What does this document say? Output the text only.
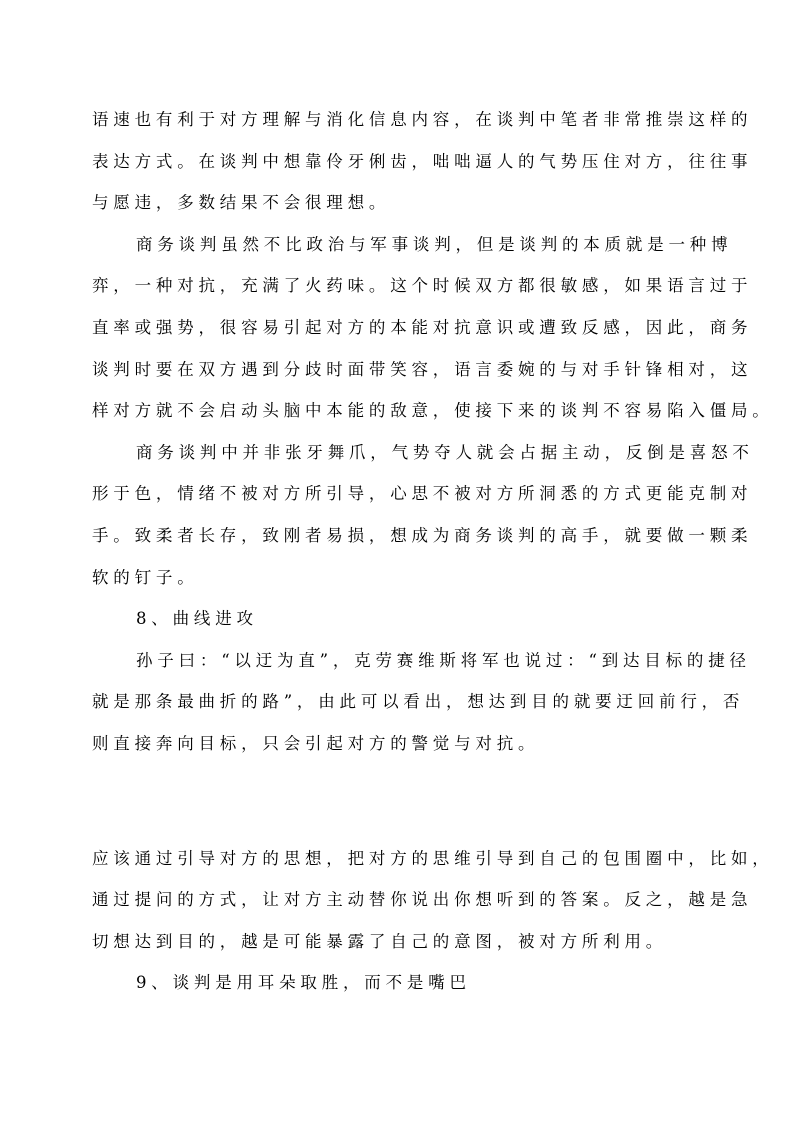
语速也有利于对方理解与消化信息内容，在谈判中笔者非常推崇这样的
表达方式。在谈判中想靠伶牙俐齿，咄咄逼人的气势压住对方，往往事
与愿违，多数结果不会很理想。
商务谈判虽然不比政治与军事谈判，但是谈判的本质就是一种博
弈，一种对抗，充满了火药味。这个时候双方都很敏感，如果语言过于
直率或强势，很容易引起对方的本能对抗意识或遭致反感，因此，商务
谈判时要在双方遇到分歧时面带笑容，语言委婉的与对手针锋相对，这
样对方就不会启动头脑中本能的敌意，使接下来的谈判不容易陷入僵局。
商务谈判中并非张牙舞爪，气势夺人就会占据主动，反倒是喜怒不
形于色，情绪不被对方所引导，心思不被对方所洞悉的方式更能克制对
手。致柔者长存，致刚者易损，想成为商务谈判的高手，就要做一颗柔
软的钉子。
8、曲线进攻
孙子曰：“以迂为直”，克劳赛维斯将军也说过：“到达目标的捷径
就是那条最曲折的路”，由此可以看出，想达到目的就要迂回前行，否
则直接奔向目标，只会引起对方的警觉与对抗。
应该通过引导对方的思想，把对方的思维引导到自己的包围圈中，比如，
通过提问的方式，让对方主动替你说出你想听到的答案。反之，越是急
切想达到目的，越是可能暴露了自己的意图，被对方所利用。
9、谈判是用耳朵取胜，而不是嘴巴
